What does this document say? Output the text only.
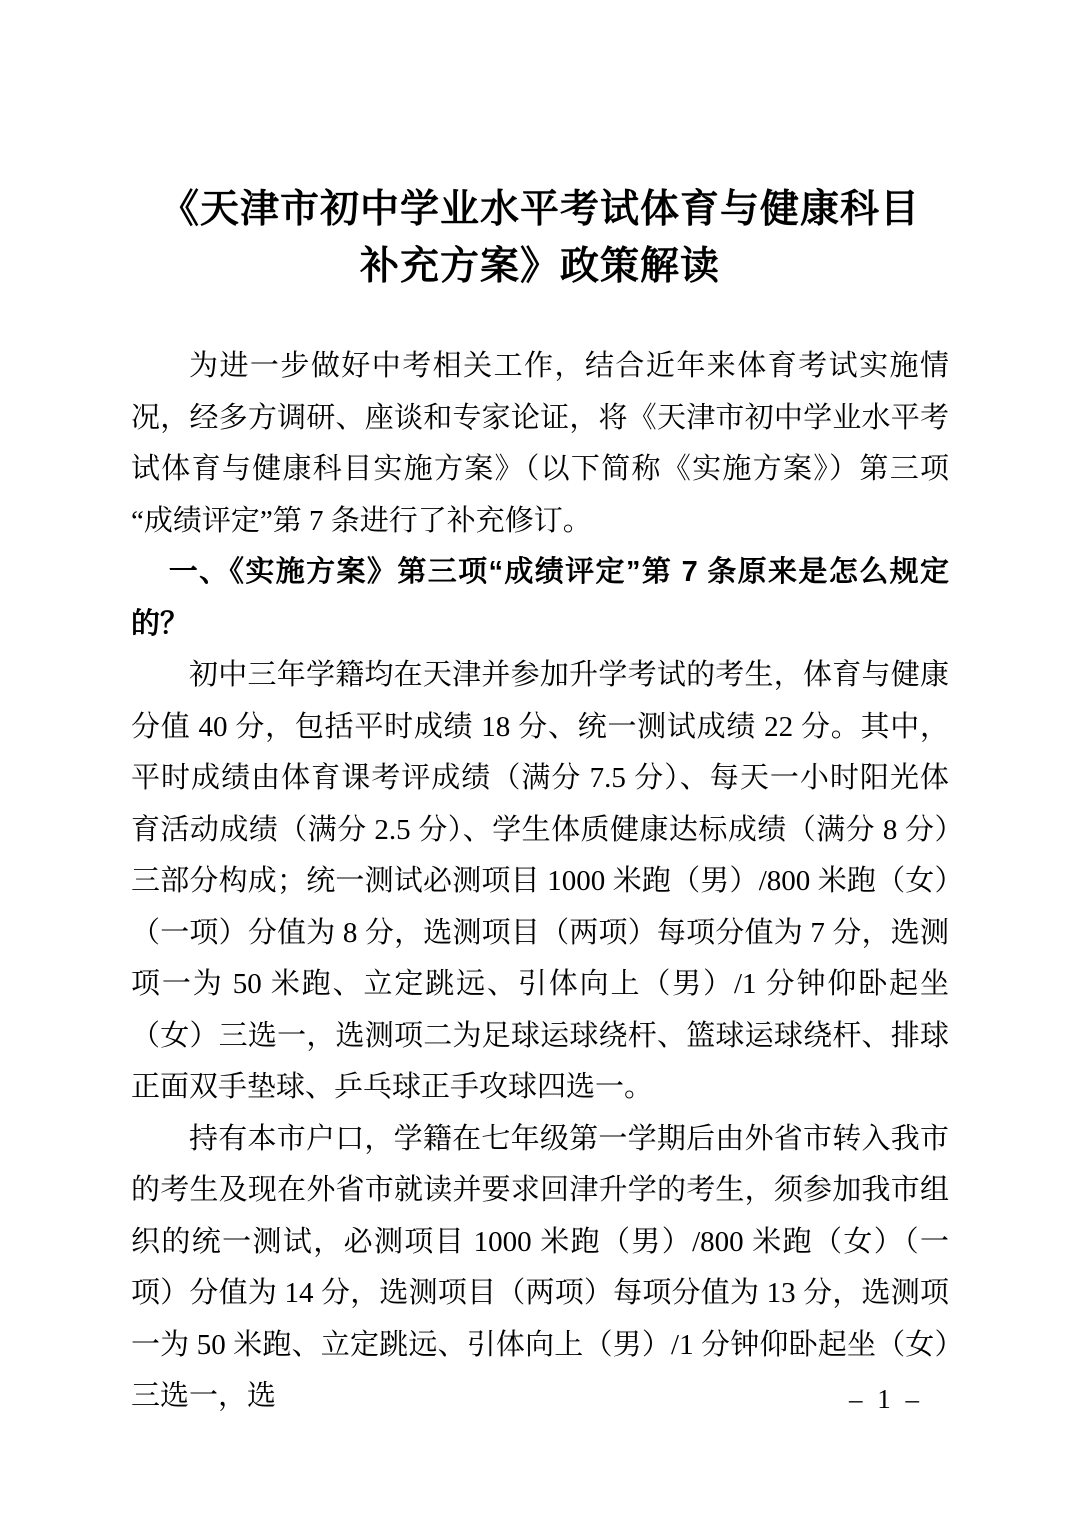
《天津市初中学业水平考试体育与健康科目
补充方案》政策解读

为进一步做好中考相关工作，结合近年来体育考试实施情况，经多方调研、座谈和专家论证，将《天津市初中学业水平考试体育与健康科目实施方案》（以下简称《实施方案》）第三项“成绩评定”第 7 条进行了补充修订。

一、《实施方案》第三项“成绩评定”第 7 条原来是怎么规定的？

初中三年学籍均在天津并参加升学考试的考生，体育与健康分值 40 分，包括平时成绩 18 分、统一测试成绩 22 分。其中，平时成绩由体育课考评成绩（满分 7.5 分）、每天一小时阳光体育活动成绩（满分 2.5 分）、学生体质健康达标成绩（满分 8 分）三部分构成；统一测试必测项目 1000 米跑（男）/800 米跑（女）（一项）分值为 8 分，选测项目（两项）每项分值为 7 分，选测项一为 50 米跑、立定跳远、引体向上（男）/1 分钟仰卧起坐（女）三选一，选测项二为足球运球绕杆、篮球运球绕杆、排球正面双手垫球、乒乓球正手攻球四选一。

持有本市户口，学籍在七年级第一学期后由外省市转入我市的考生及现在外省市就读并要求回津升学的考生，须参加我市组织的统一测试，必测项目 1000 米跑（男）/800 米跑（女）（一项）分值为 14 分，选测项目（两项）每项分值为 13 分，选测项一为 50 米跑、立定跳远、引体向上（男）/1 分钟仰卧起坐（女）三选一，选	– 1 –
